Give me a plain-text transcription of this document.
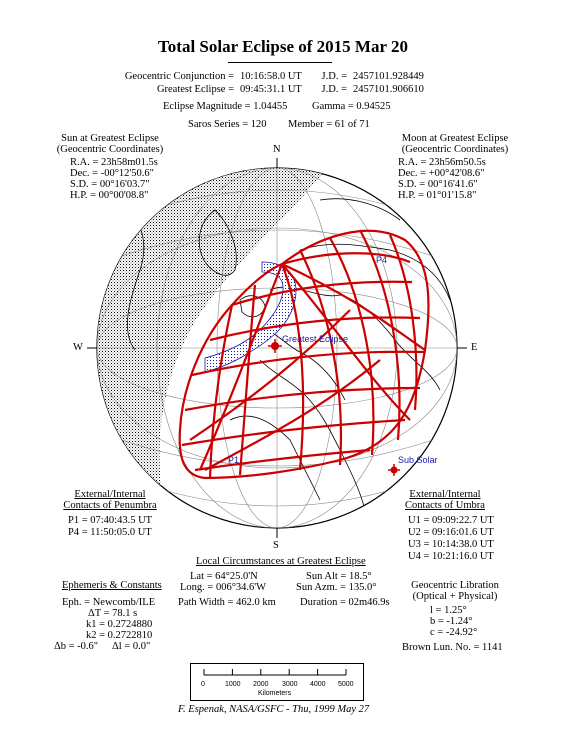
Total Solar Eclipse of 2015 Mar 20
Geocentric Conjunction = 10:16:58.0 UT J.D. = 2457101.928449
Greatest Eclipse = 09:45:31.1 UT J.D. = 2457101.906610
Eclipse Magnitude = 1.04455 Gamma = 0.94525
Saros Series = 120 Member = 61 of 71
Sun at Greatest Eclipse
(Geocentric Coordinates)
R.A. = 23h58m01.5s
Dec. = -00°12'50.6"
S.D. = 00°16'03.7"
H.P. = 00°00'08.8"
Moon at Greatest Eclipse
(Geocentric Coordinates)
R.A. = 23h56m50.5s
Dec. = +00°42'08.6"
S.D. = 00°16'41.6"
H.P. = 01°01'15.8"
N
S
W	E
Greatest Eclipse
Sub Solar
P1
P4
External/Internal
Contacts of Penumbra
P1 = 07:40:43.5 UT
P4 = 11:50:05.0 UT
External/Internal
Contacts of Umbra
U1 = 09:09:22.7 UT
U2 = 09:16:01.6 UT
U3 = 10:14:38.0 UT
U4 = 10:21:16.0 UT
Local Circumstances at Greatest Eclipse
Lat = 64°25.0'N
Long. = 006°34.6'W
Sun Alt = 18.5°
Sun Azm. = 135.0°
Path Width = 462.0 km Duration = 02m46.9s
Ephemeris & Constants
Eph. = Newcomb/ILE
ΔT = 78.1 s
k1 = 0.2724880
k2 = 0.2722810
Δb = -0.6" Δl = 0.0"
Geocentric Libration
(Optical + Physical)
l = 1.25°
b = -1.24°
c = -24.92°
Brown Lun. No. = 1141
0	1000 2000 3000 4000 5000
Kilometers
F. Espenak, NASA/GSFC - Thu, 1999 May 27
